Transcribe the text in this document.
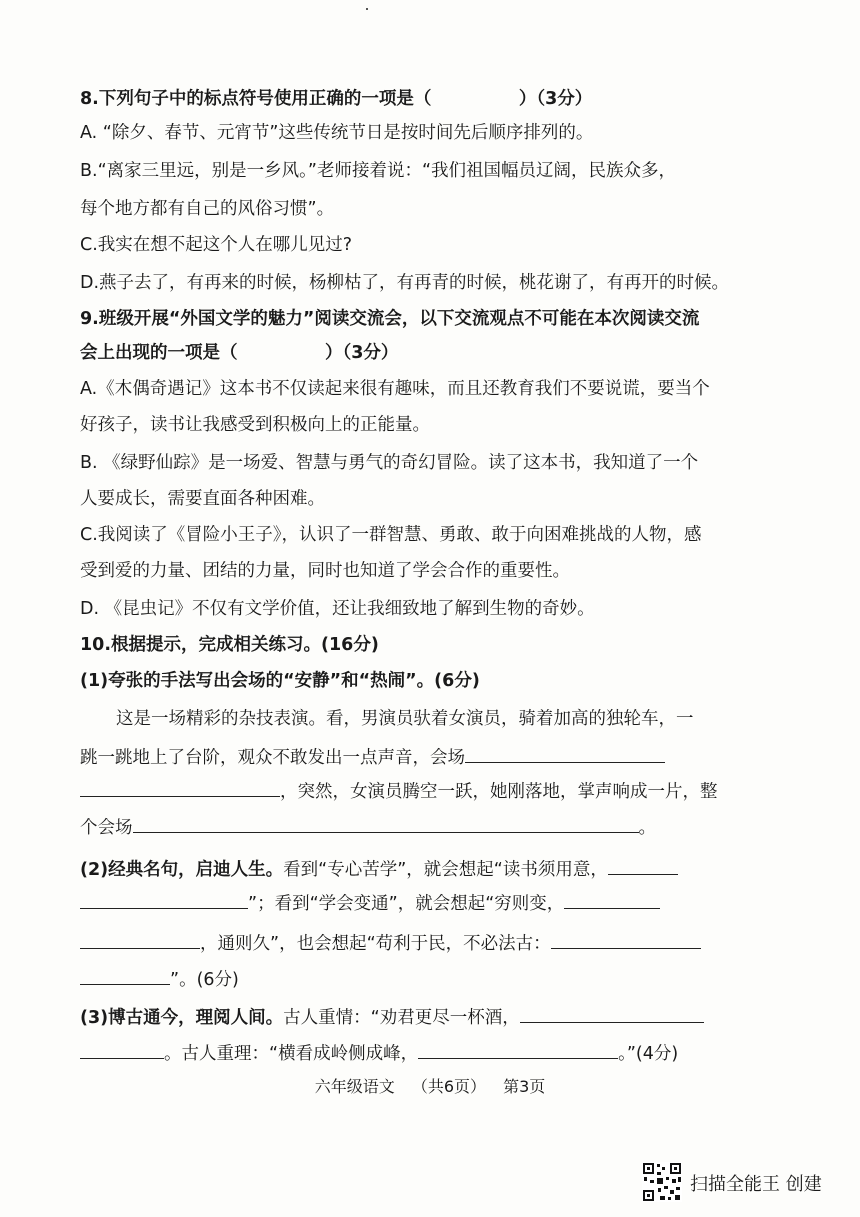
8.下列句子中的标点符号使用正确的一项是（　　　　　）（3分）
A. “除夕、春节、元宵节”这些传统节日是按时间先后顺序排列的。
B.“离家三里远，别是一乡风。”老师接着说：“我们祖国幅员辽阔，民族众多，
每个地方都有自己的风俗习惯”。
C.我实在想不起这个人在哪儿见过?
D.燕子去了，有再来的时候，杨柳枯了，有再青的时候，桃花谢了，有再开的时候。
9.班级开展“外国文学的魅力”阅读交流会，以下交流观点不可能在本次阅读交流
会上出现的一项是（　　　　　）（3分）
A.《木偶奇遇记》这本书不仅读起来很有趣味，而且还教育我们不要说谎，要当个
好孩子，读书让我感受到积极向上的正能量。
B. 《绿野仙踪》是一场爱、智慧与勇气的奇幻冒险。读了这本书，我知道了一个
人要成长，需要直面各种困难。
C.我阅读了《冒险小王子》，认识了一群智慧、勇敢、敢于向困难挑战的人物，感
受到爱的力量、团结的力量，同时也知道了学会合作的重要性。
D. 《昆虫记》不仅有文学价值，还让我细致地了解到生物的奇妙。
10.根据提示，完成相关练习。(16分)
(1)夸张的手法写出会场的“安静”和“热闹”。(6分)
这是一场精彩的杂技表演。看，男演员驮着女演员，骑着加高的独轮车，一
跳一跳地上了台阶，观众不敢发出一点声音，会场
，突然，女演员腾空一跃，她刚落地，掌声响成一片，整
个会场	。
(2)经典名句，启迪人生。看到“专心苦学”，就会想起“读书须用意，
”；看到“学会变通”，就会想起“穷则变，
，通则久”，也会想起“苟利于民，不必法古：
”。(6分)
(3)博古通今，理阅人间。古人重情：“劝君更尽一杯酒，
。古人重理：“横看成岭侧成峰，	。”(4分)
六年级语文 （共6页） 第3页
扫描全能王 创建
